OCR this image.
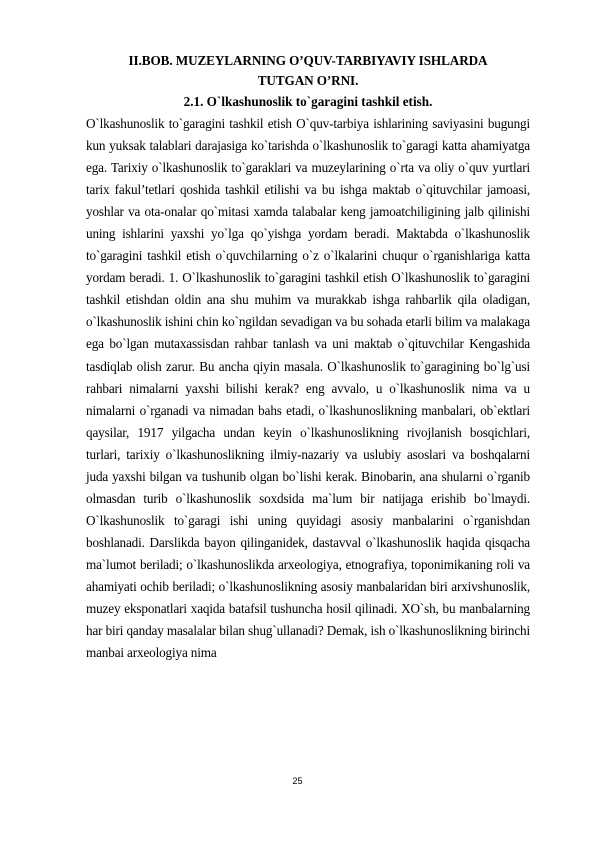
II.BOB. MUZEYLARNING O’QUV-TARBIYAVIY ISHLARDA
TUTGAN O’RNI.

2.1. O`lkashunoslik to`garagini tashkil etish.

O`lkashunoslik to`garagini tashkil etish O`quv-tarbiya ishlarining saviyasini bugungi kun yuksak talablari darajasiga ko`tarishda o`lkashunoslik to`garagi katta ahamiyatga ega. Tarixiy o`lkashunoslik to`garaklari va muzeylarining o`rta va oliy o`quv yurtlari tarix fakul’tetlari qoshida tashkil etilishi va bu ishga maktab o`qituvchilar jamoasi, yoshlar va ota-onalar qo`mitasi xamda talabalar keng jamoatchiligining jalb qilinishi uning ishlarini yaxshi yo`lga qo`yishga yordam beradi. Maktabda o`lkashunoslik to`garagini tashkil etish o`quvchilarning o`z o`lkalarini chuqur o`rganishlariga katta yordam beradi. 1. O`lkashunoslik to`garagini tashkil etish O`lkashunoslik to`garagini tashkil etishdan oldin ana shu muhim va murakkab ishga rahbarlik qila oladigan, o`lkashunoslik ishini chin ko`ngildan sevadigan va bu sohada etarli bilim va malakaga ega bo`lgan mutaxassisdan rahbar tanlash va uni maktab o`qituvchilar Kengashida tasdiqlab olish zarur. Bu ancha qiyin masala. O`lkashunoslik to`garagining bo`lg`usi rahbari nimalarni yaxshi bilishi kerak? eng avvalo, u o`lkashunoslik nima va u nimalarni o`rganadi va nimadan bahs etadi, o`lkashunoslikning manbalari, ob`ektlari qaysilar, 1917 yilgacha undan keyin o`lkashunoslikning rivojlanish bosqichlari, turlari, tarixiy o`lkashunoslikning ilmiy-nazariy va uslubiy asoslari va boshqalarni juda yaxshi bilgan va tushunib olgan bo`lishi kerak. Binobarin, ana shularni o`rganib olmasdan turib o`lkashunoslik soxdsida ma`lum bir natijaga erishib bo`lmaydi. O`lkashunoslik to`garagi ishi uning quyidagi asosiy manbalarini o`rganishdan boshlanadi. Darslikda bayon qilinganidek, dastavval o`lkashunoslik haqida qisqacha ma`lumot beriladi; o`lkashunoslikda arxeologiya, etnografiya, toponimikaning roli va ahamiyati ochib beriladi; o`lkashunoslikning asosiy manbalaridan biri arxivshunoslik, muzey eksponatlari xaqida batafsil tushuncha hosil qilinadi. XO`sh, bu manbalarning har biri qanday masalalar bilan shug`ullanadi? Demak, ish o`lkashunoslikning birinchi manbai arxeologiya nima

25
